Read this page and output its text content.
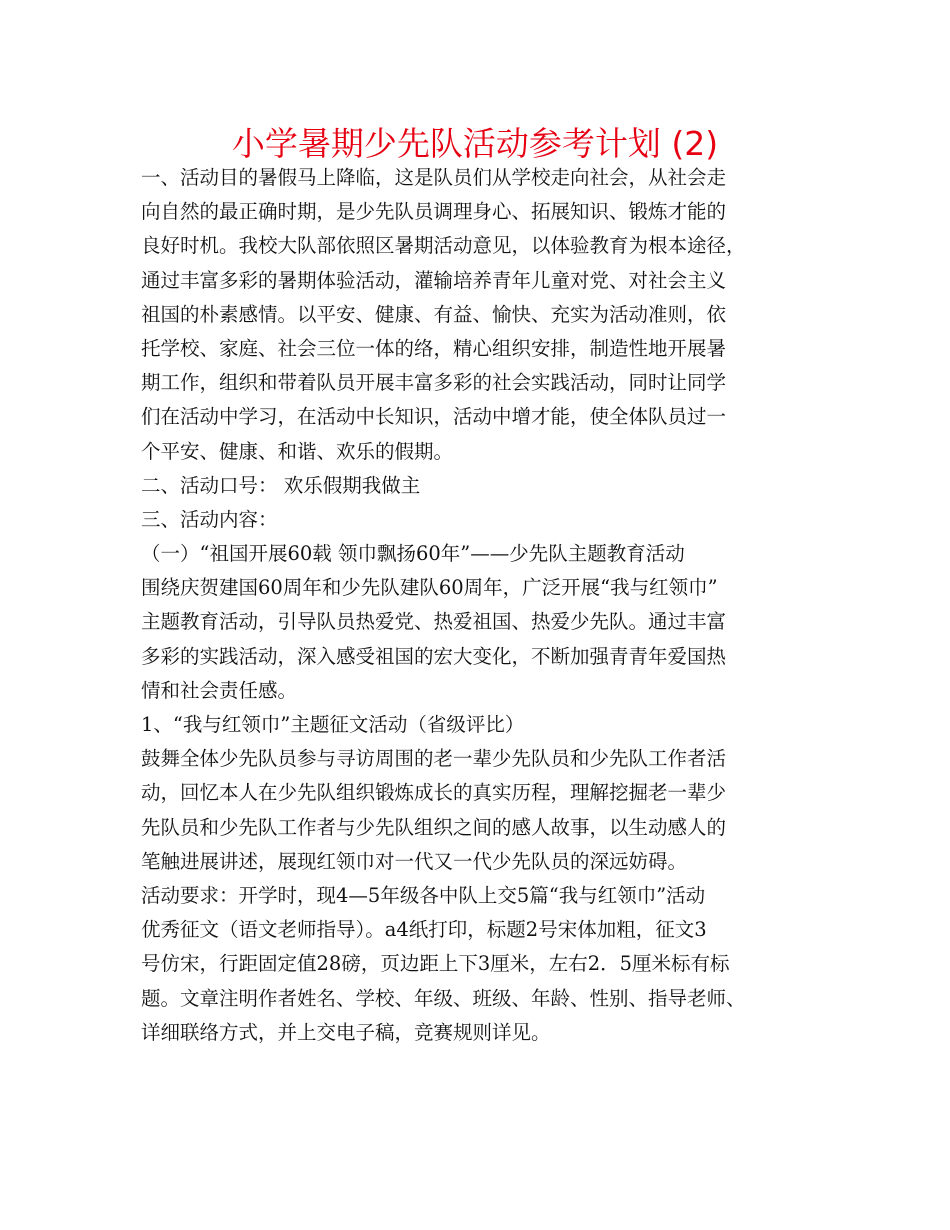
小学暑期少先队活动参考计划 (2)
一、活动目的暑假马上降临，这是队员们从学校走向社会，从社会走
向自然的最正确时期，是少先队员调理身心、拓展知识、锻炼才能的
良好时机。我校大队部依照区暑期活动意见，以体验教育为根本途径，
通过丰富多彩的暑期体验活动，灌输培养青年儿童对党、对社会主义
祖国的朴素感情。以平安、健康、有益、愉快、充实为活动准则，依
托学校、家庭、社会三位一体的络，精心组织安排，制造性地开展暑
期工作，组织和带着队员开展丰富多彩的社会实践活动，同时让同学
们在活动中学习，在活动中长知识，活动中增才能，使全体队员过一
个平安、健康、和谐、欢乐的假期。
二、活动口号： 欢乐假期我做主
三、活动内容：
（一）“祖国开展60载 领巾飘扬60年”——少先队主题教育活动
围绕庆贺建国60周年和少先队建队60周年，广泛开展“我与红领巾”
主题教育活动，引导队员热爱党、热爱祖国、热爱少先队。通过丰富
多彩的实践活动，深入感受祖国的宏大变化，不断加强青青年爱国热
情和社会责任感。
1、“我与红领巾”主题征文活动（省级评比）
鼓舞全体少先队员参与寻访周围的老一辈少先队员和少先队工作者活
动，回忆本人在少先队组织锻炼成长的真实历程，理解挖掘老一辈少
先队员和少先队工作者与少先队组织之间的感人故事，以生动感人的
笔触进展讲述，展现红领巾对一代又一代少先队员的深远妨碍。
活动要求：开学时，现4—5年级各中队上交5篇“我与红领巾”活动
优秀征文（语文老师指导）。a4纸打印，标题2号宋体加粗，征文3
号仿宋，行距固定值28磅，页边距上下3厘米，左右2．5厘米标有标
题。文章注明作者姓名、学校、年级、班级、年龄、性别、指导老师、
详细联络方式，并上交电子稿，竞赛规则详见。
